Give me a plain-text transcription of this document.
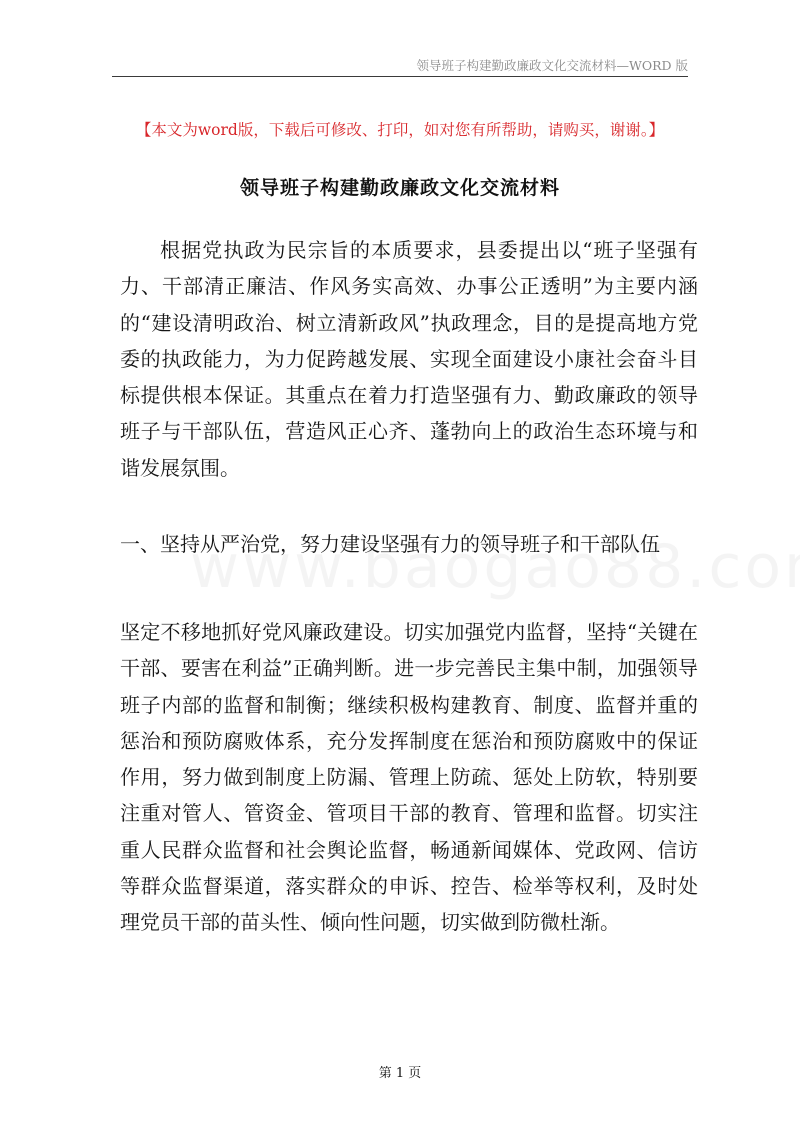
领导班子构建勤政廉政文化交流材料—WORD 版
【本文为word版，下载后可修改、打印，如对您有所帮助，请购买，谢谢。】
领导班子构建勤政廉政文化交流材料

根据党执政为民宗旨的本质要求，县委提出以“班子坚强有力、干部清正廉洁、作风务实高效、办事公正透明”为主要内涵的“建设清明政治、树立清新政风”执政理念，目的是提高地方党委的执政能力，为力促跨越发展、实现全面建设小康社会奋斗目标提供根本保证。其重点在着力打造坚强有力、勤政廉政的领导班子与干部队伍，营造风正心齐、蓬勃向上的政治生态环境与和谐发展氛围。

一、坚持从严治党，努力建设坚强有力的领导班子和干部队伍

坚定不移地抓好党风廉政建设。切实加强党内监督，坚持“关键在干部、要害在利益”正确判断。进一步完善民主集中制，加强领导班子内部的监督和制衡；继续积极构建教育、制度、监督并重的惩治和预防腐败体系，充分发挥制度在惩治和预防腐败中的保证作用，努力做到制度上防漏、管理上防疏、惩处上防软，特别要注重对管人、管资金、管项目干部的教育、管理和监督。切实注重人民群众监督和社会舆论监督，畅通新闻媒体、党政网、信访等群众监督渠道，落实群众的申诉、控告、检举等权利，及时处理党员干部的苗头性、倾向性问题，切实做到防微杜渐。

第 1 页
